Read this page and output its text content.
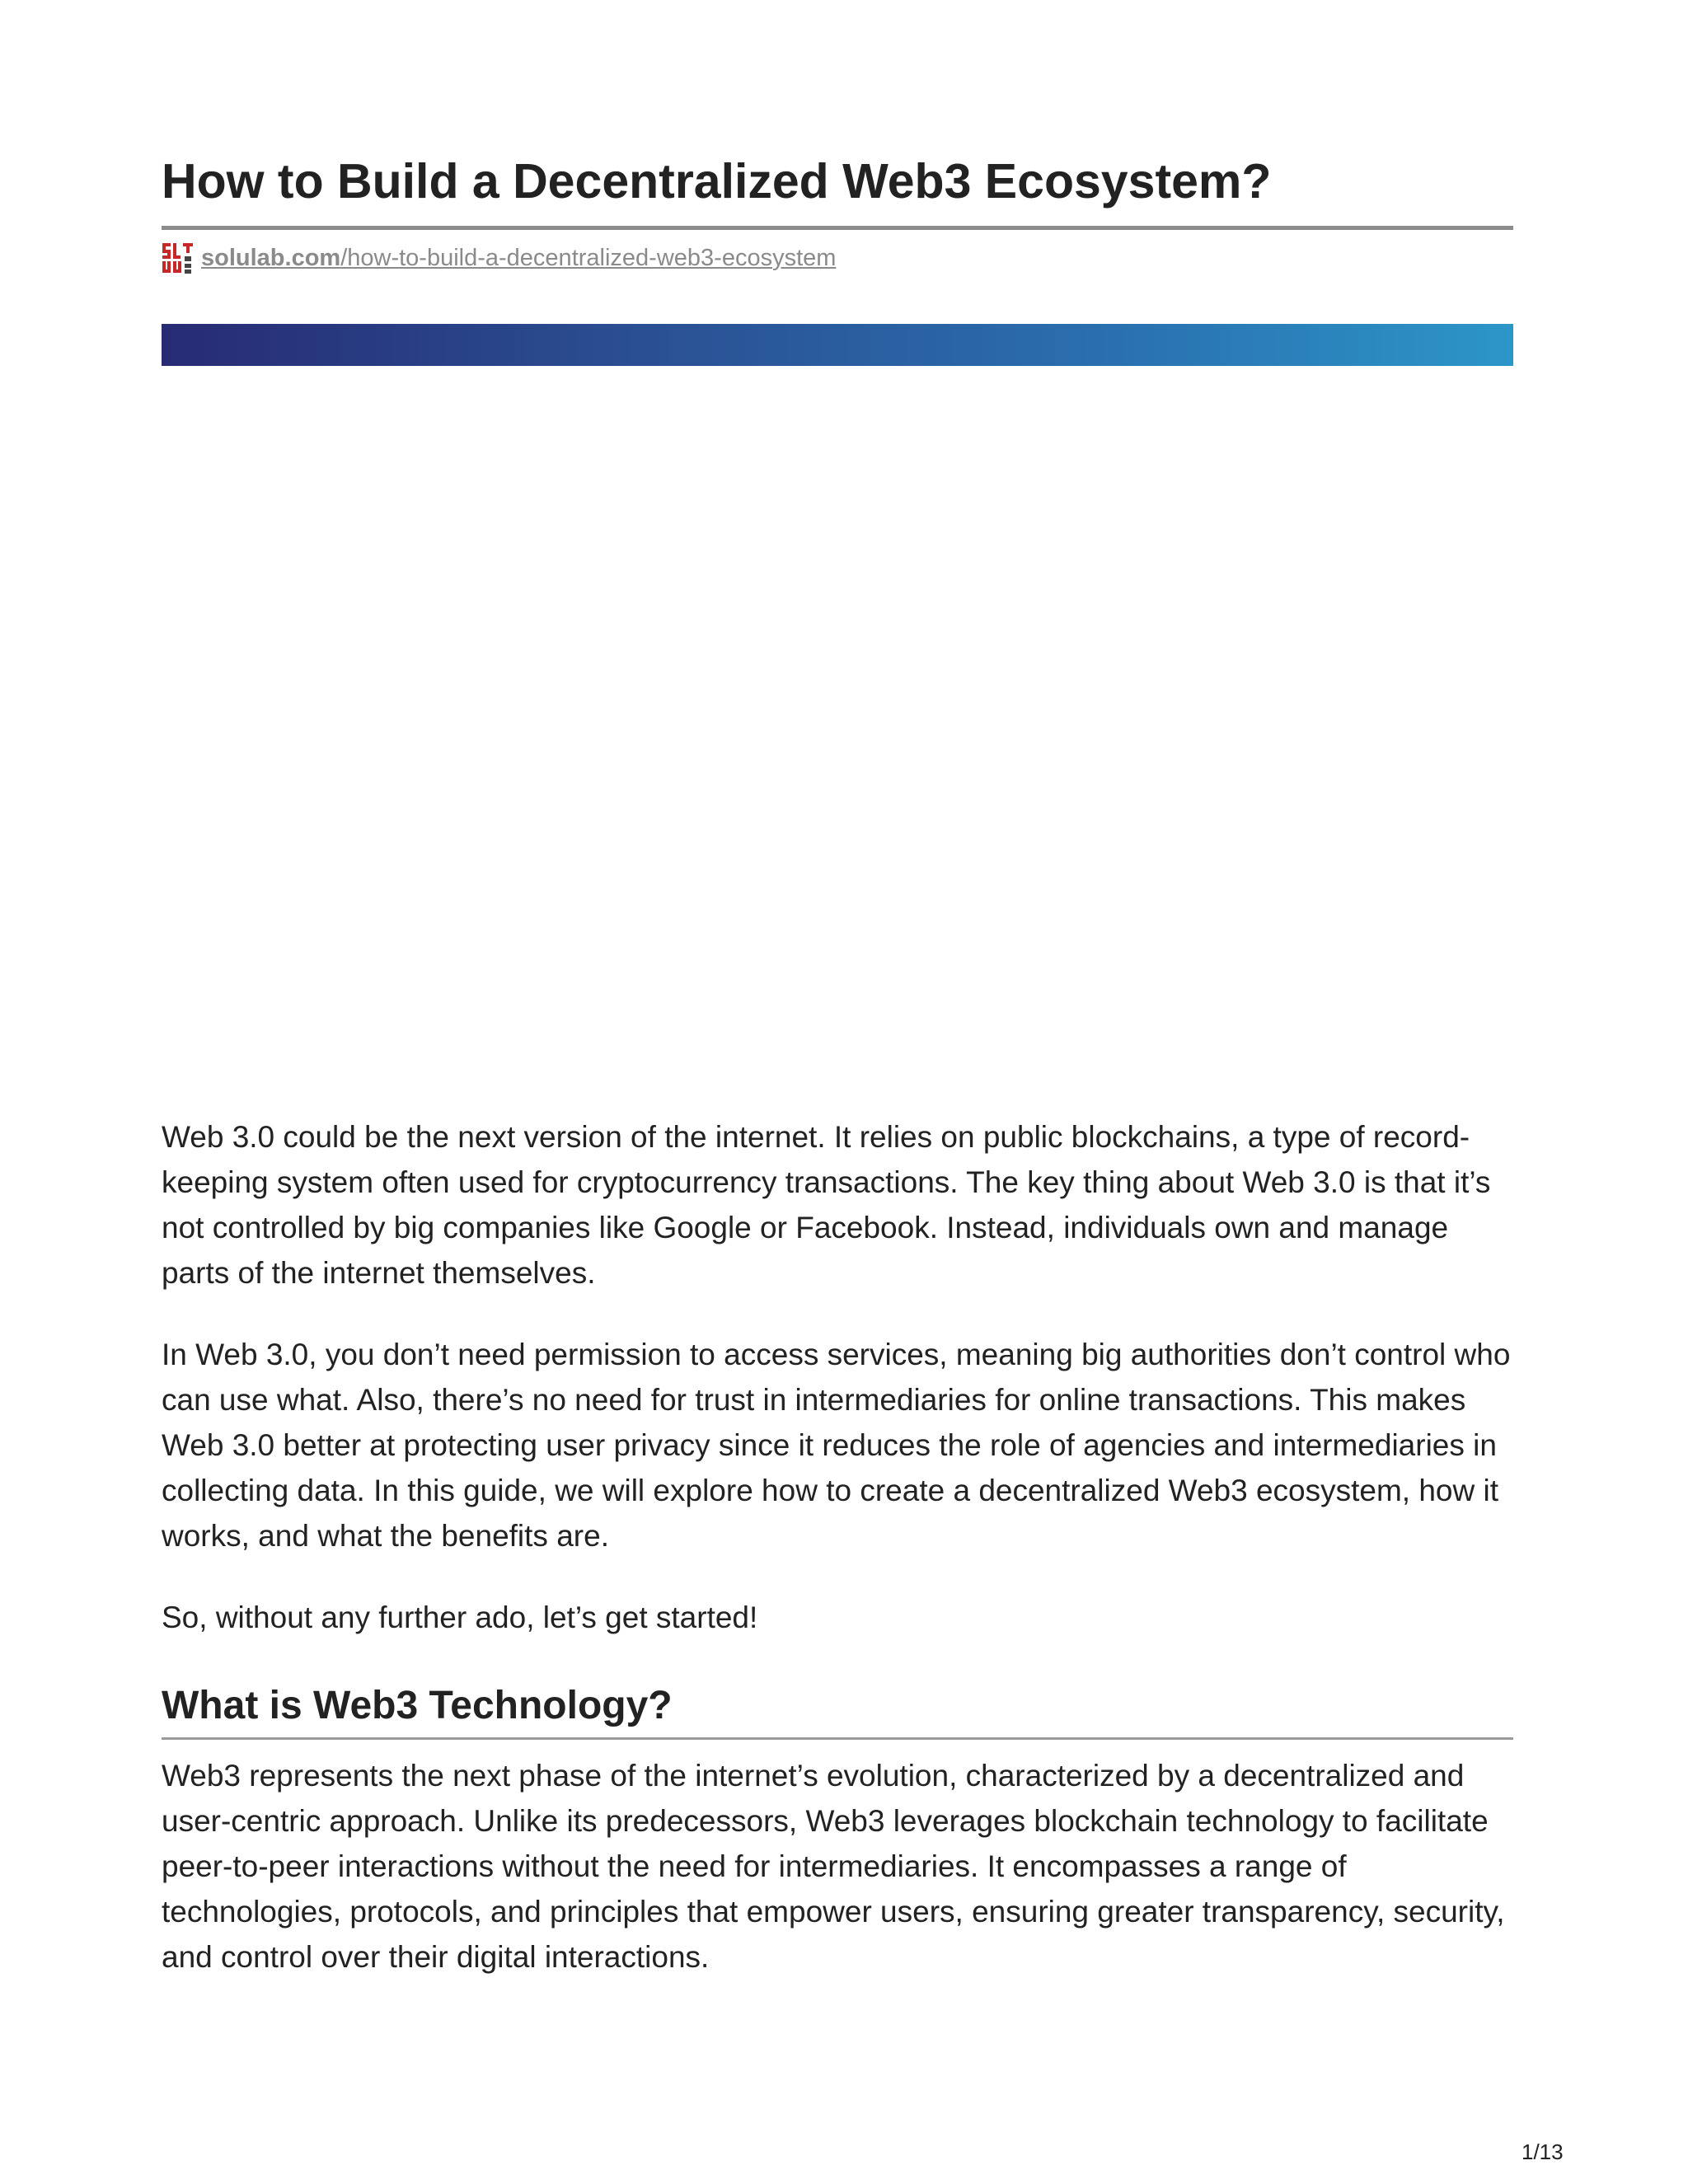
How to Build a Decentralized Web3 Ecosystem?
solulab.com/how-to-build-a-decentralized-web3-ecosystem

Web 3.0 could be the next version of the internet. It relies on public blockchains, a type of record-keeping system often used for cryptocurrency transactions. The key thing about Web 3.0 is that it’s not controlled by big companies like Google or Facebook. Instead, individuals own and manage parts of the internet themselves.

In Web 3.0, you don’t need permission to access services, meaning big authorities don’t control who can use what. Also, there’s no need for trust in intermediaries for online transactions. This makes Web 3.0 better at protecting user privacy since it reduces the role of agencies and intermediaries in collecting data. In this guide, we will explore how to create a decentralized Web3 ecosystem, how it works, and what the benefits are.

So, without any further ado, let’s get started!

What is Web3 Technology?

Web3 represents the next phase of the internet’s evolution, characterized by a decentralized and user-centric approach. Unlike its predecessors, Web3 leverages blockchain technology to facilitate peer-to-peer interactions without the need for intermediaries. It encompasses a range of technologies, protocols, and principles that empower users, ensuring greater transparency, security, and control over their digital interactions.

1/13
